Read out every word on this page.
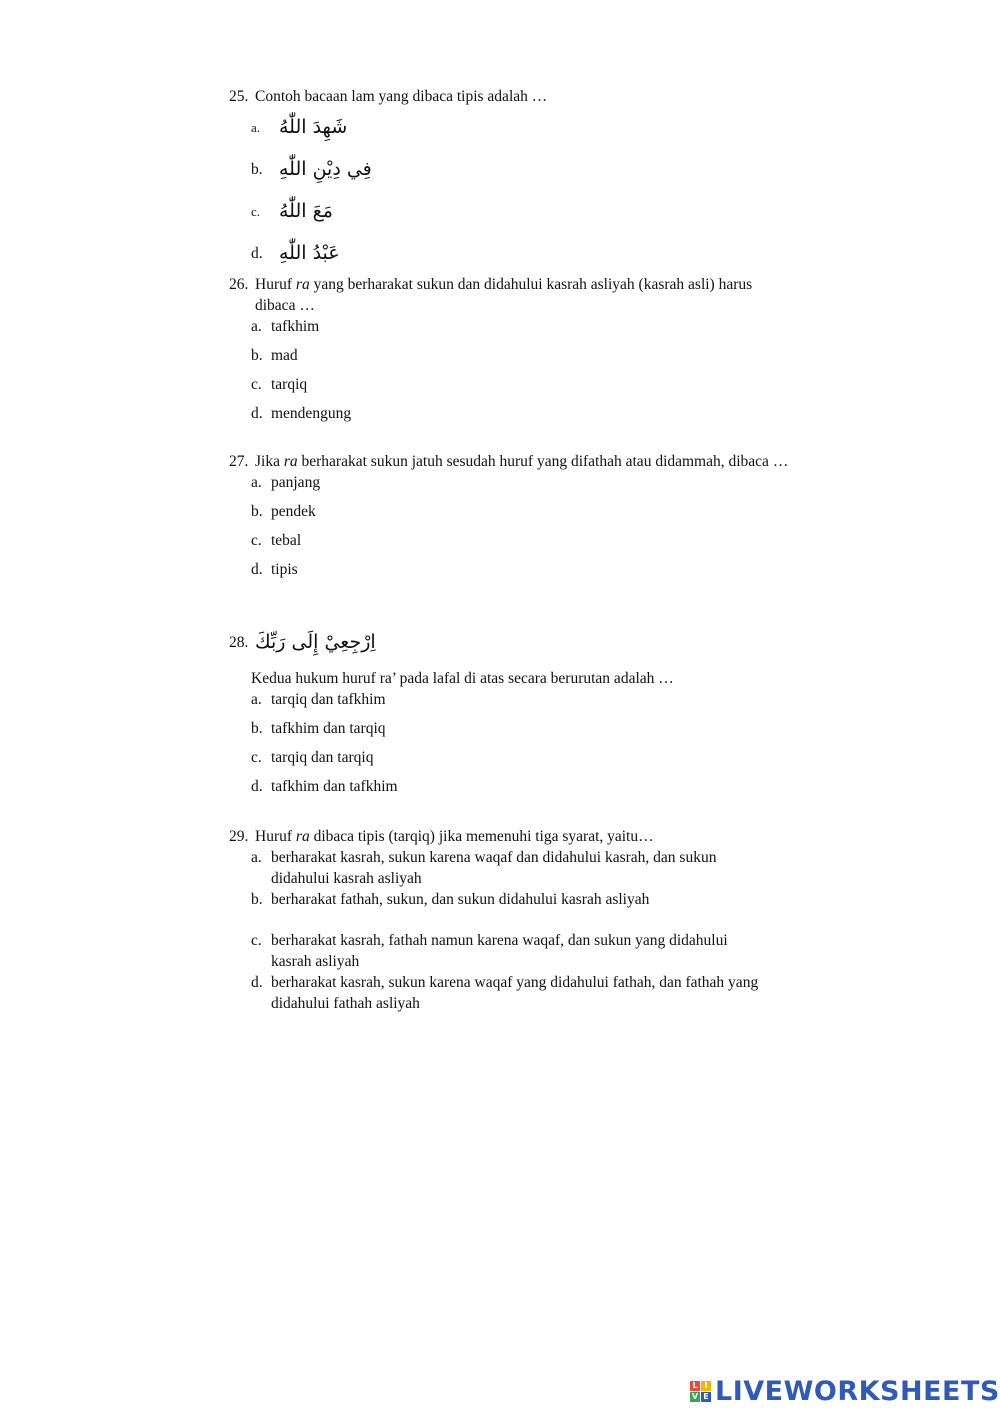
25. Contoh bacaan lam yang dibaca tipis adalah …
a. شَهِدَ اللّٰهُ
b. فِي دِيْنِ اللّٰهِ
c. مَعَ اللّٰهُ
d. عَبْدُ اللّٰهِ
26. Huruf ra yang berharakat sukun dan didahului kasrah asliyah (kasrah asli) harus dibaca …
a. tafkhim
b. mad
c. tarqiq
d. mendengung
27. Jika ra berharakat sukun jatuh sesudah huruf yang difathah atau didammah, dibaca …
a. panjang
b. pendek
c. tebal
d. tipis
28. اِرْجِعِيْ إِلَى رَبِّكَ
Kedua hukum huruf ra’ pada lafal di atas secara berurutan adalah …
a. tarqiq dan tafkhim
b. tafkhim dan tarqiq
c. tarqiq dan tarqiq
d. tafkhim dan tafkhim
29. Huruf ra dibaca tipis (tarqiq) jika memenuhi tiga syarat, yaitu…
a. berharakat kasrah, sukun karena waqaf dan didahului kasrah, dan sukun didahului kasrah asliyah
b. berharakat fathah, sukun, dan sukun didahului kasrah asliyah
c. berharakat kasrah, fathah namun karena waqaf, dan sukun yang didahului kasrah asliyah
d. berharakat kasrah, sukun karena waqaf yang didahului fathah, dan fathah yang didahului fathah asliyah
L I
V E LIVEWORKSHEETS
